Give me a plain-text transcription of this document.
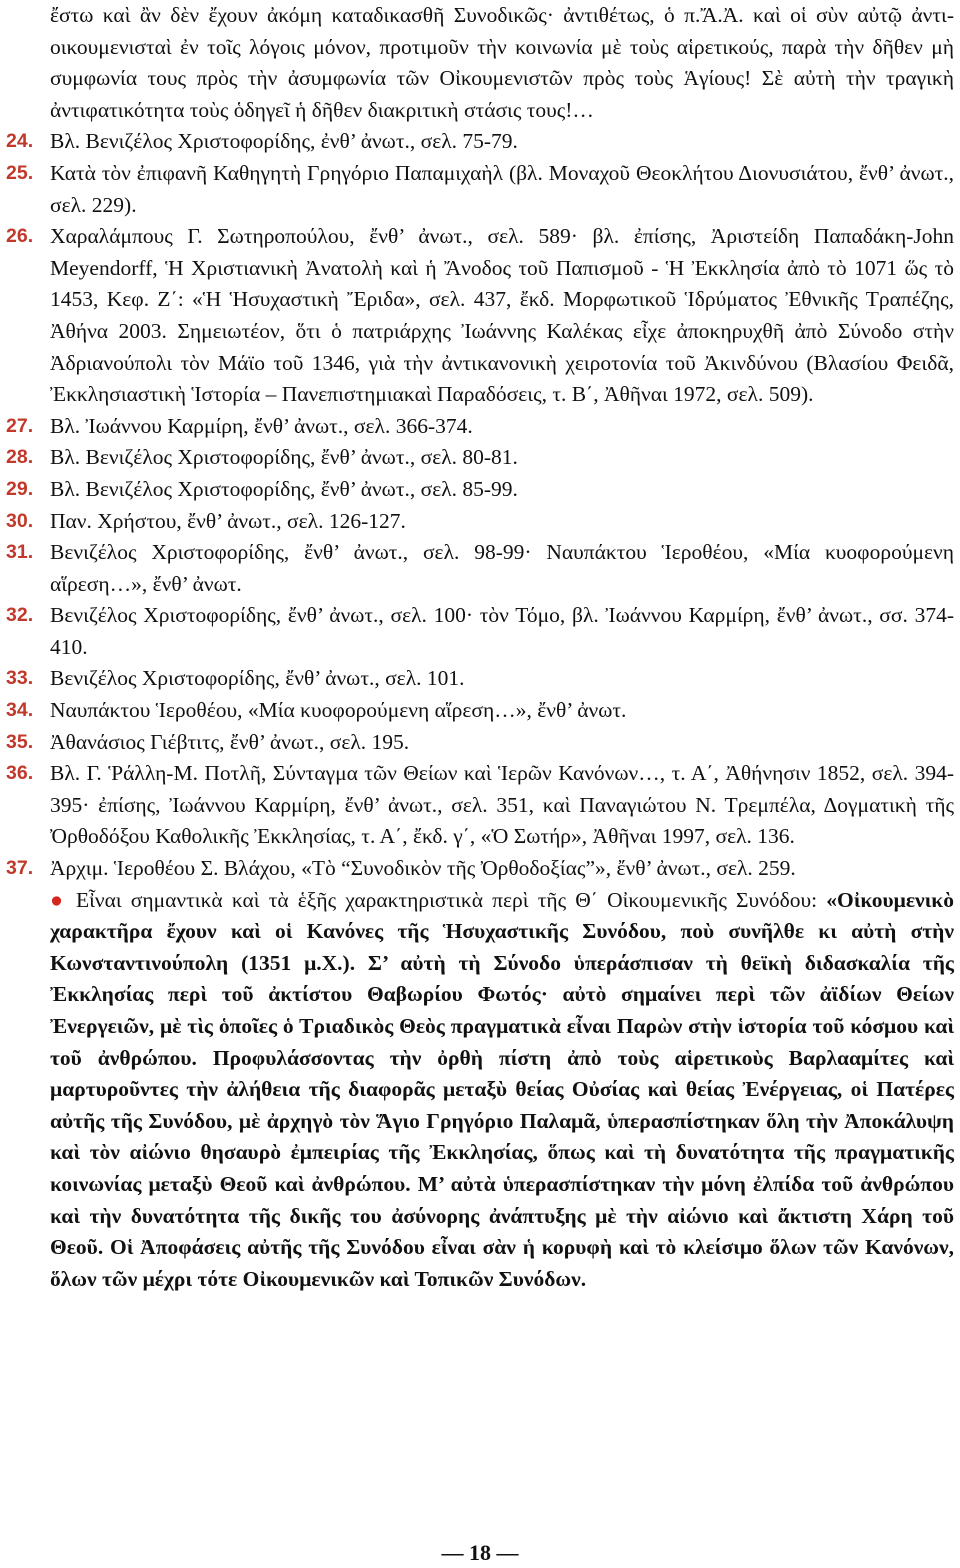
ἔστω καὶ ἂν δὲν ἔχουν ἀκόμη καταδικασθῆ Συνοδικῶς· ἀντιθέτως, ὁ π.Ἄ.Ἀ. καὶ οἱ σὺν αὐτῷ ἀντι-οικουμενισταὶ ἐν τοῖς λόγοις μόνον, προτιμοῦν τὴν κοινωνία μὲ τοὺς αἱρετικούς, παρὰ τὴν δῆθεν μὴ συμφωνία τους πρὸς τὴν ἀσυμφωνία τῶν Οἰκουμενιστῶν πρὸς τοὺς Ἁγίους! Σὲ αὐτὴ τὴν τραγικὴ ἀντιφατικότητα τοὺς ὁδηγεῖ ἡ δῆθεν διακριτικὴ στάσις τους!…
24. Βλ. Βενιζέλος Χριστοφορίδης, ἐνθ’ ἀνωτ., σελ. 75-79.
25. Κατὰ τὸν ἐπιφανῆ Καθηγητὴ Γρηγόριο Παπαμιχαὴλ (βλ. Μοναχοῦ Θεοκλήτου Διονυσιάτου, ἔνθ’ ἀνωτ., σελ. 229).
26. Χαραλάμπους Γ. Σωτηροπούλου, ἔνθ’ ἀνωτ., σελ. 589· βλ. ἐπίσης, Ἀριστείδη Παπαδάκη-John Meyendorff, Ἡ Χριστιανικὴ Ἀνατολὴ καὶ ἡ Ἄνοδος τοῦ Παπισμοῦ - Ἡ Ἐκκλησία ἀπὸ τὸ 1071 ὥς τὸ 1453, Κεφ. Ζ΄: «Ἡ Ἡσυχαστικὴ Ἔριδα», σελ. 437, ἔκδ. Μορφωτικοῦ Ἱδρύματος Ἐθνικῆς Τραπέζης, Ἀθήνα 2003. Σημειωτέον, ὅτι ὁ πατριάρχης Ἰωάννης Καλέκας εἶχε ἀποκηρυχθῆ ἀπὸ Σύνοδο στὴν Ἀδριανούπολι τὸν Μάϊο τοῦ 1346, γιὰ τὴν ἀντικανονικὴ χειροτονία τοῦ Ἀκινδύνου (Βλασίου Φειδᾶ, Ἐκκλησιαστικὴ Ἱστορία – Πανεπιστημιακαὶ Παραδόσεις, τ. Β΄, Ἀθῆναι 1972, σελ. 509).
27. Βλ. Ἰωάννου Καρμίρη, ἔνθ’ ἀνωτ., σελ. 366-374.
28. Βλ. Βενιζέλος Χριστοφορίδης, ἔνθ’ ἀνωτ., σελ. 80-81.
29. Βλ. Βενιζέλος Χριστοφορίδης, ἔνθ’ ἀνωτ., σελ. 85-99.
30. Παν. Χρήστου, ἔνθ’ ἀνωτ., σελ. 126-127.
31. Βενιζέλος Χριστοφορίδης, ἔνθ’ ἀνωτ., σελ. 98-99· Ναυπάκτου Ἱεροθέου, «Μία κυοφορούμενη αἵρεση…», ἔνθ’ ἀνωτ.
32. Βενιζέλος Χριστοφορίδης, ἔνθ’ ἀνωτ., σελ. 100· τὸν Τόμο, βλ. Ἰωάννου Καρμίρη, ἔνθ’ ἀνωτ., σσ. 374-410.
33. Βενιζέλος Χριστοφορίδης, ἔνθ’ ἀνωτ., σελ. 101.
34. Ναυπάκτου Ἱεροθέου, «Μία κυοφορούμενη αἵρεση…», ἔνθ’ ἀνωτ.
35. Ἀθανάσιος Γιέβτιτς, ἔνθ’ ἀνωτ., σελ. 195.
36. Βλ. Γ. Ῥάλλη-Μ. Ποτλῆ, Σύνταγμα τῶν Θείων καὶ Ἱερῶν Κανόνων…, τ. Α΄, Ἀθήνησιν 1852, σελ. 394-395· ἐπίσης, Ἰωάννου Καρμίρη, ἔνθ’ ἀνωτ., σελ. 351, καὶ Παναγιώτου Ν. Τρεμπέλα, Δογματικὴ τῆς Ὀρθοδόξου Καθολικῆς Ἐκκλησίας, τ. Α΄, ἔκδ. γ΄, «Ὁ Σωτήρ», Ἀθῆναι 1997, σελ. 136.
37. Ἀρχιμ. Ἱεροθέου Σ. Βλάχου, «Τὸ “Συνοδικὸν τῆς Ὀρθοδοξίας”», ἔνθ’ ἀνωτ., σελ. 259.
● Εἶναι σημαντικὰ καὶ τὰ ἑξῆς χαρακτηριστικὰ περὶ τῆς Θ΄ Οἰκουμενικῆς Συνόδου: «Οἰκουμενικὸ χαρακτῆρα ἔχουν καὶ οἱ Κανόνες τῆς Ἡσυχαστικῆς Συνόδου, ποὺ συνῆλθε κι αὐτὴ στὴν Κωνσταντινούπολη (1351 μ.Χ.). Σ’ αὐτὴ τὴ Σύνοδο ὑπεράσπισαν τὴ θεϊκὴ διδασκαλία τῆς Ἐκκλησίας περὶ τοῦ ἀκτίστου Θαβωρίου Φωτός· αὐτὸ σημαίνει περὶ τῶν ἀϊδίων Θείων Ἐνεργειῶν, μὲ τὶς ὁποῖες ὁ Τριαδικὸς Θεὸς πραγματικὰ εἶναι Παρὼν στὴν ἱστορία τοῦ κόσμου καὶ τοῦ ἀνθρώπου. Προφυλάσσοντας τὴν ὀρθὴ πίστη ἀπὸ τοὺς αἱρετικοὺς Βαρλααμίτες καὶ μαρτυροῦντες τὴν ἀλήθεια τῆς διαφορᾶς μεταξὺ θείας Οὐσίας καὶ θείας Ἐνέργειας, οἱ Πατέρες αὐτῆς τῆς Συνόδου, μὲ ἀρχηγὸ τὸν Ἅγιο Γρηγόριο Παλαμᾶ, ὑπερασπίστηκαν ὅλη τὴν Ἀποκάλυψη καὶ τὸν αἰώνιο θησαυρὸ ἐμπειρίας τῆς Ἐκκλησίας, ὅπως καὶ τὴ δυνατότητα τῆς πραγματικῆς κοινωνίας μεταξὺ Θεοῦ καὶ ἀνθρώπου. Μ’ αὐτὰ ὑπερασπίστηκαν τὴν μόνη ἐλπίδα τοῦ ἀνθρώπου καὶ τὴν δυνατότητα τῆς δικῆς του ἀσύνορης ἀνάπτυξης μὲ τὴν αἰώνιο καὶ ἄκτιστη Χάρη τοῦ Θεοῦ. Οἱ Ἀποφάσεις αὐτῆς τῆς Συνόδου εἶναι σὰν ἡ κορυφὴ καὶ τὸ κλείσιμο ὅλων τῶν Κανόνων, ὅλων τῶν μέχρι τότε Οἰκουμενικῶν καὶ Τοπικῶν Συνόδων.
— 18 —
